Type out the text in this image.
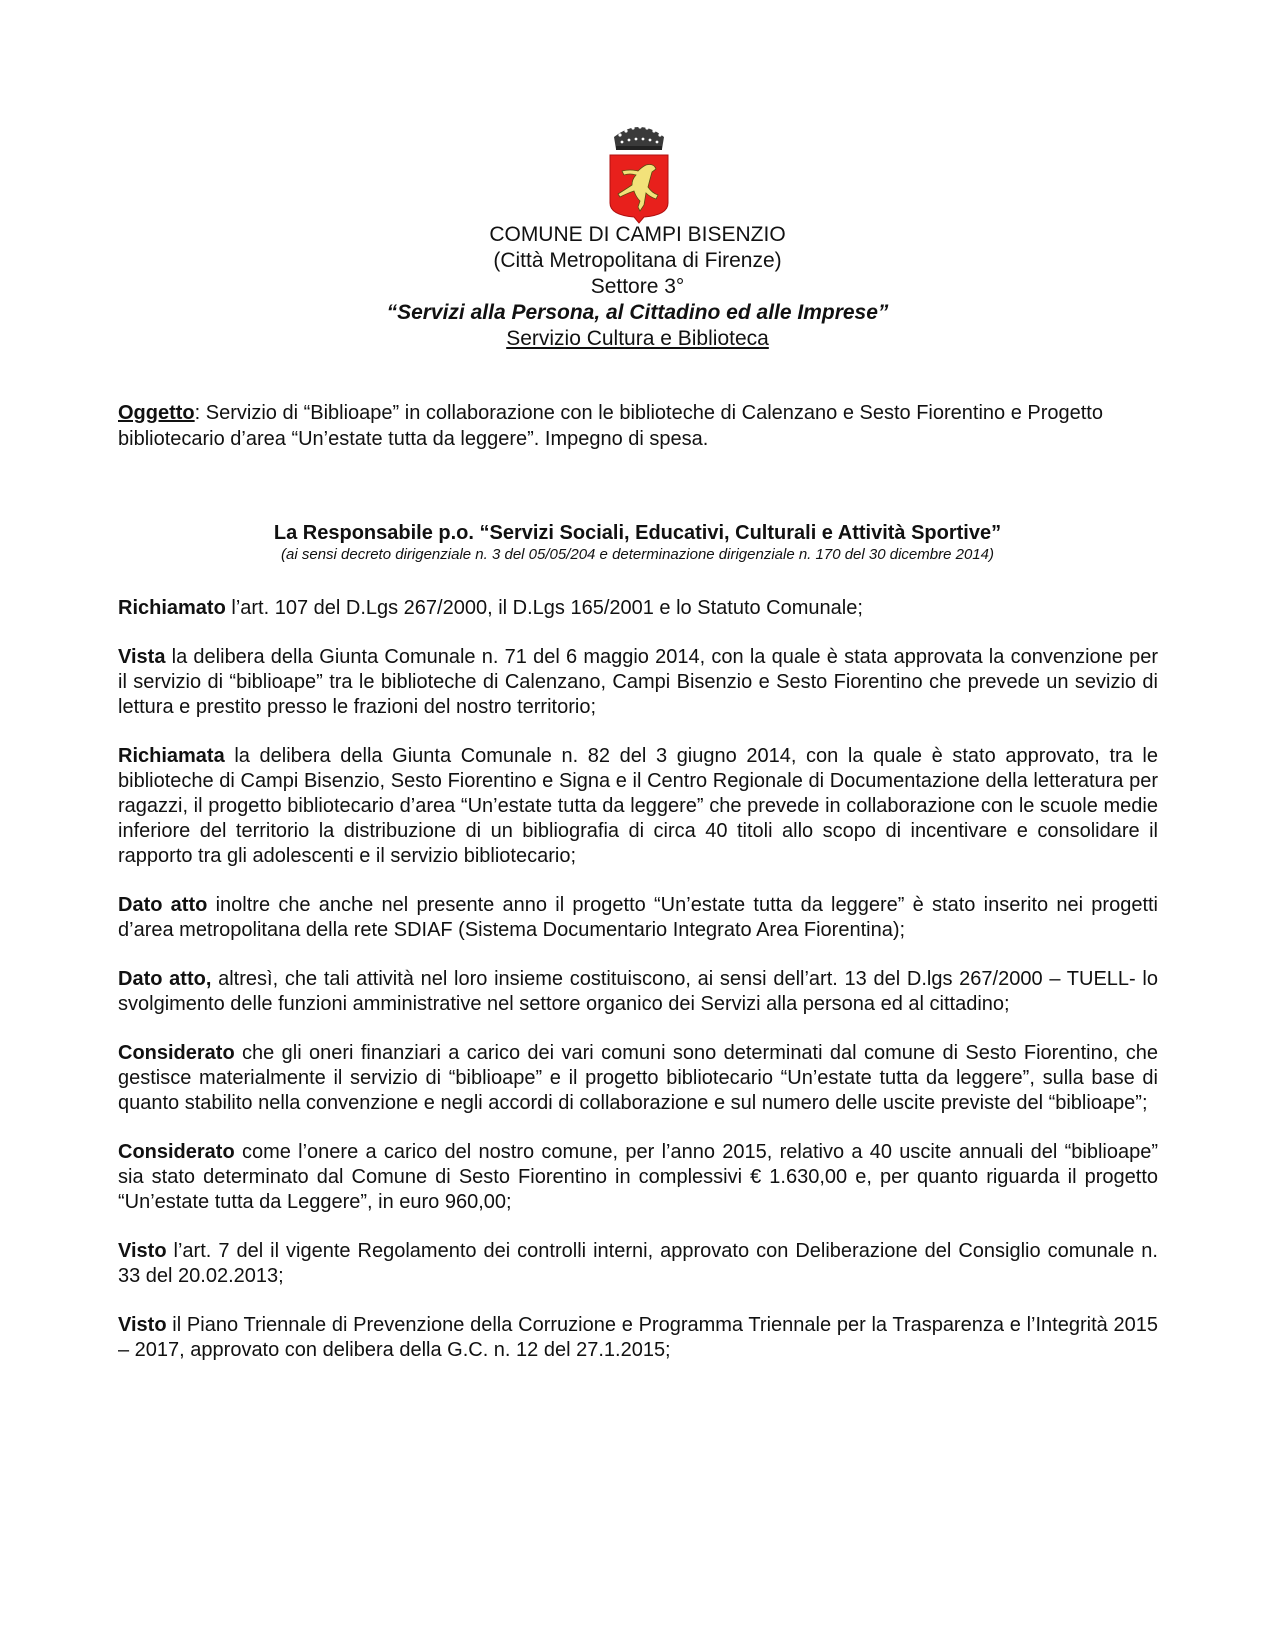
COMUNE DI CAMPI BISENZIO
(Città Metropolitana di Firenze)
Settore 3°
“Servizi alla Persona, al Cittadino ed alle Imprese”
Servizio Cultura e Biblioteca
Oggetto: Servizio di “Biblioape” in collaborazione con le biblioteche di Calenzano e Sesto Fiorentino e Progetto bibliotecario d’area “Un’estate tutta da leggere”. Impegno di spesa.
La Responsabile p.o. “Servizi Sociali, Educativi, Culturali e Attività Sportive”
(ai sensi decreto dirigenziale n. 3 del 05/05/204 e determinazione dirigenziale n. 170 del 30 dicembre 2014)

Richiamato l’art. 107 del D.Lgs 267/2000, il D.Lgs 165/2001 e lo Statuto Comunale;

Vista la delibera della Giunta Comunale n. 71 del 6 maggio 2014, con la quale è stata approvata la convenzione per il servizio di “biblioape” tra le biblioteche di Calenzano, Campi Bisenzio e Sesto Fiorentino che prevede un sevizio di lettura e prestito presso le frazioni del nostro territorio;

Richiamata la delibera della Giunta Comunale n. 82 del 3 giugno 2014, con la quale è stato approvato, tra le biblioteche di Campi Bisenzio, Sesto Fiorentino e Signa e il Centro Regionale di Documentazione della letteratura per ragazzi, il progetto bibliotecario d’area “Un’estate tutta da leggere” che prevede in collaborazione con le scuole medie inferiore del territorio la distribuzione di un bibliografia di circa 40 titoli allo scopo di incentivare e consolidare il rapporto tra gli adolescenti e il servizio bibliotecario;

Dato atto inoltre che anche nel presente anno il progetto “Un’estate tutta da leggere” è stato inserito nei progetti d’area metropolitana della rete SDIAF (Sistema Documentario Integrato Area Fiorentina);

Dato atto, altresì, che tali attività nel loro insieme costituiscono, ai sensi dell’art. 13 del D.lgs 267/2000 – TUELL- lo svolgimento delle funzioni amministrative nel settore organico dei Servizi alla persona ed al cittadino;

Considerato che gli oneri finanziari a carico dei vari comuni sono determinati dal comune di Sesto Fiorentino, che gestisce materialmente il servizio di “biblioape” e il progetto bibliotecario “Un’estate tutta da leggere”, sulla base di quanto stabilito nella convenzione e negli accordi di collaborazione e sul numero delle uscite previste del “biblioape”;

Considerato come l’onere a carico del nostro comune, per l’anno 2015, relativo a 40 uscite annuali del “biblioape” sia stato determinato dal Comune di Sesto Fiorentino in complessivi € 1.630,00 e, per quanto riguarda il progetto “Un’estate tutta da Leggere”, in euro 960,00;

Visto l’art. 7 del il vigente Regolamento dei controlli interni, approvato con Deliberazione del Consiglio comunale n. 33 del 20.02.2013;

Visto il Piano Triennale di Prevenzione della Corruzione e Programma Triennale per la Trasparenza e l’Integrità 2015 – 2017, approvato con delibera della G.C. n. 12 del 27.1.2015;
